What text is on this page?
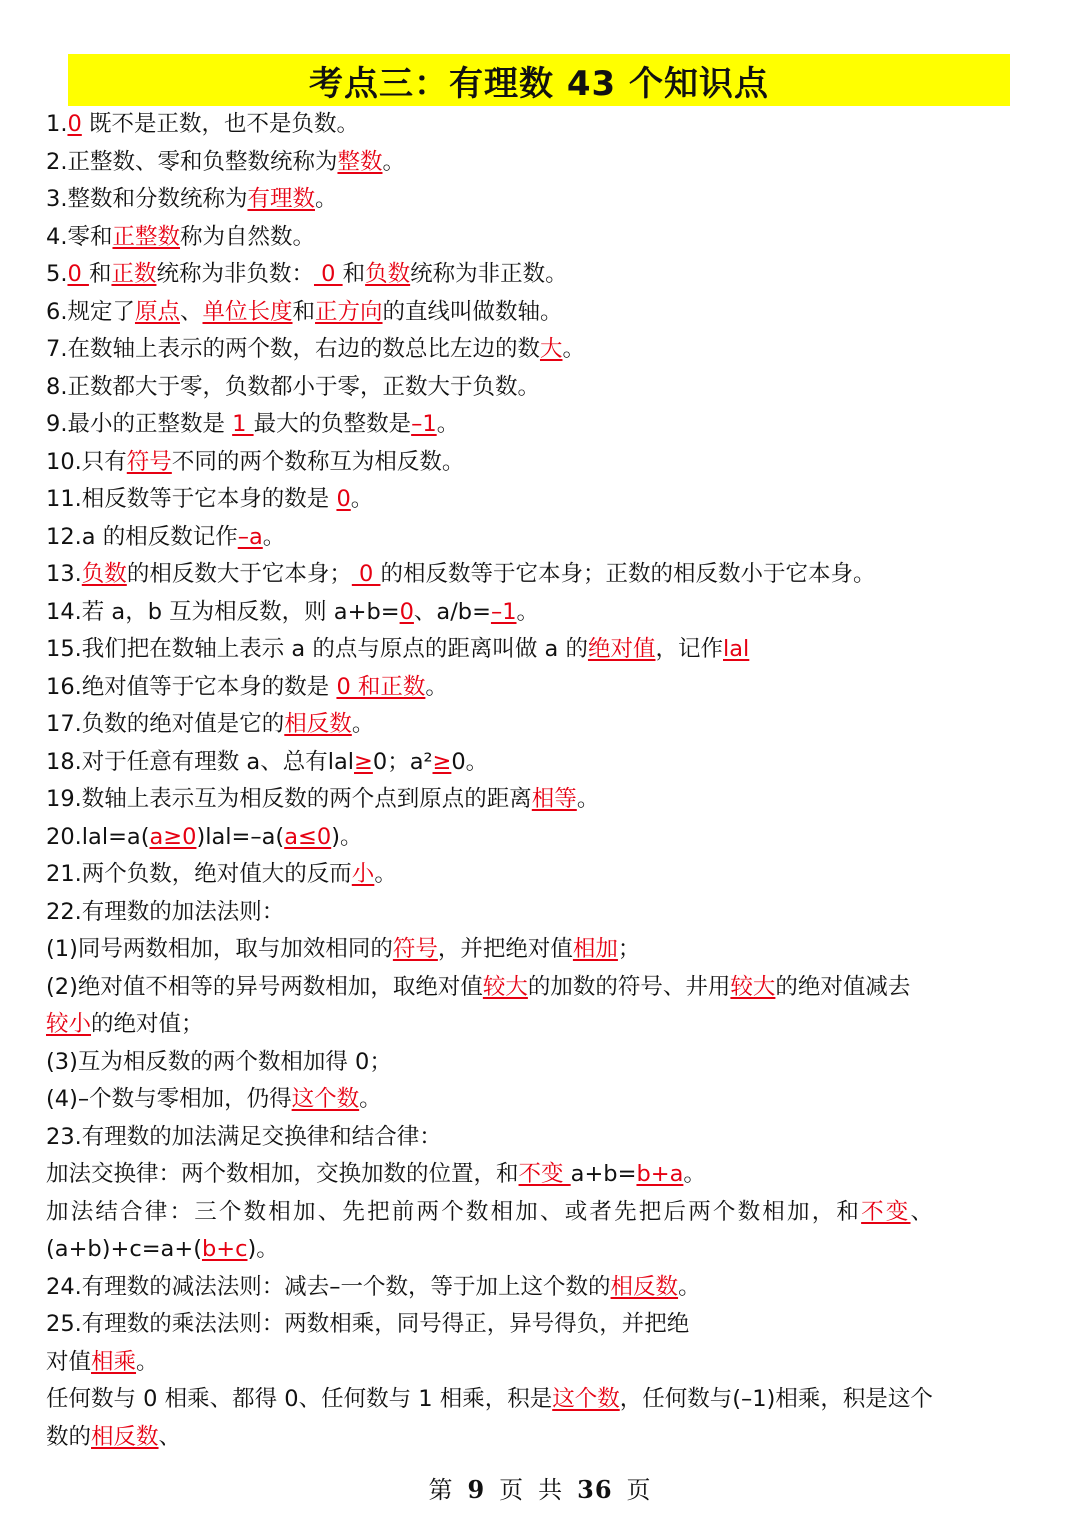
考点三：有理数 43 个知识点
1.0 既不是正数，也不是负数。
2.正整数、零和负整数统称为整数。
3.整数和分数统称为有理数。
4.零和正整数称为自然数。
5.0 和正数统称为非负数： 0 和负数统称为非正数。
6.规定了原点、单位长度和正方向的直线叫做数轴。
7.在数轴上表示的两个数，右边的数总比左边的数大。
8.正数都大于零，负数都小于零，正数大于负数。
9.最小的正整数是 1 最大的负整数是–1。
10.只有符号不同的两个数称互为相反数。
11.相反数等于它本身的数是 0。
12.a 的相反数记作–a。
13.负数的相反数大于它本身； 0 的相反数等于它本身；正数的相反数小于它本身。
14.若 a，b 互为相反数，则 a+b=0、a/b=–1。
15.我们把在数轴上表示 a 的点与原点的距离叫做 a 的绝对值，记作lal
16.绝对值等于它本身的数是 0 和正数。
17.负数的绝对值是它的相反数。
18.对于任意有理数 a、总有lal≥0；a²≥0。
19.数轴上表示互为相反数的两个点到原点的距离相等。
20.lal=a(a≥0)lal=–a(a≤0)。
21.两个负数，绝对值大的反而小。
22.有理数的加法法则：
(1)同号两数相加，取与加效相同的符号，并把绝对值相加；
(2)绝对值不相等的异号两数相加，取绝对值较大的加数的符号、井用较大的绝对值减去
较小的绝对值；
(3)互为相反数的两个数相加得 0；
(4)–个数与零相加，仍得这个数。
23.有理数的加法满足交换律和结合律：
加法交换律：两个数相加，交换加数的位置，和不变 a+b=b+a。
加法结合律：三个数相加、先把前两个数相加、或者先把后两个数相加，和不变、
(a+b)+c=a+(b+c)。
24.有理数的减法法则：减去–一个数，等于加上这个数的相反数。
25.有理数的乘法法则：两数相乘，同号得正，异号得负，并把绝
对值相乘。
任何数与 0 相乘、都得 0、任何数与 1 相乘，积是这个数，任何数与(–1)相乘，积是这个
数的相反数、
第 9 页 共 36 页
